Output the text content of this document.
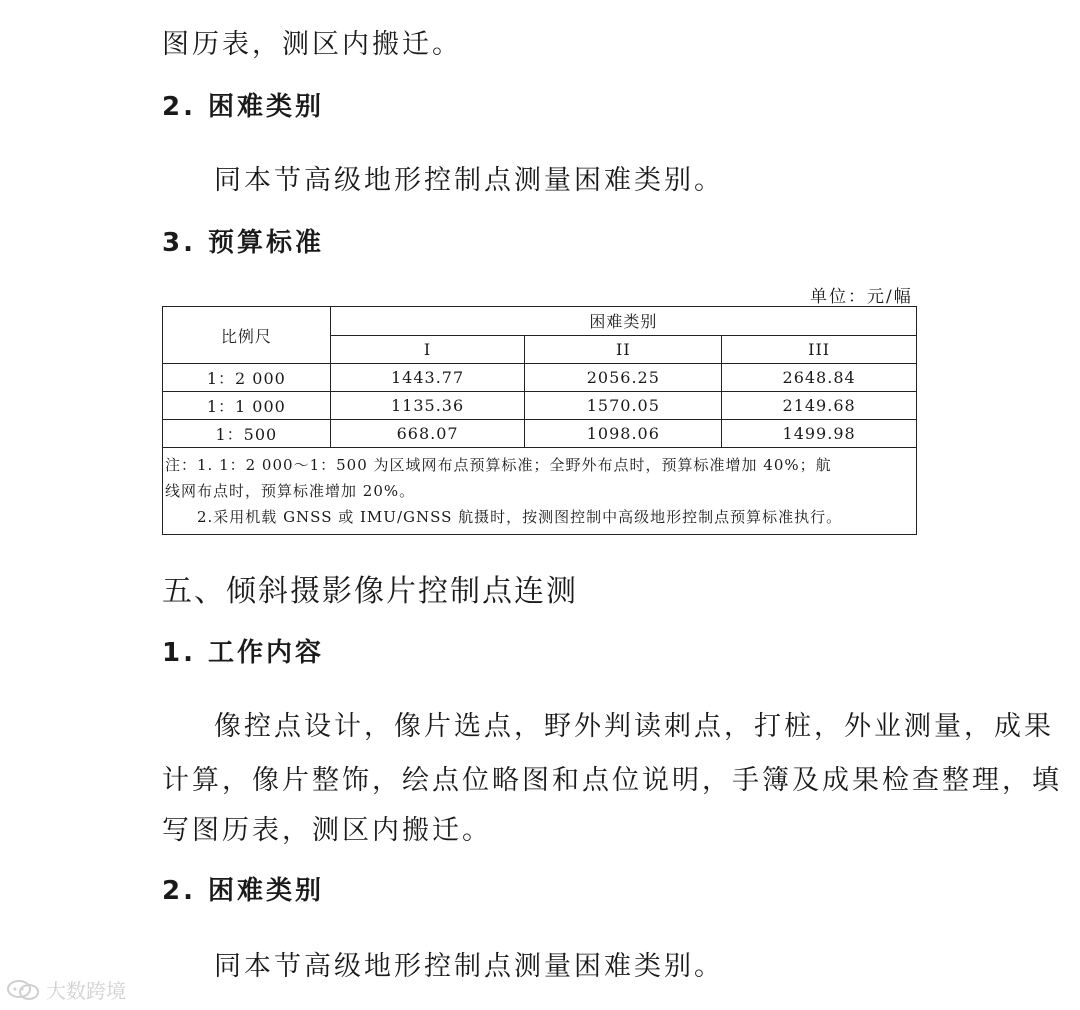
图历表，测区内搬迁。

2. 困难类别

同本节高级地形控制点测量困难类别。

3. 预算标准

单位：元/幅

比例尺	困难类别		
	I	II	III
1：2 000	1443.77	2056.25	2648.84
1：1 000	1135.36	1570.05	2149.68
1：500	668.07	1098.06	1499.98

注：1. 1：2 000～1：500 为区域网布点预算标准；全野外布点时，预算标准增加 40%；航
线网布点时，预算标准增加 20%。
2.采用机载 GNSS 或 IMU/GNSS 航摄时，按测图控制中高级地形控制点预算标准执行。			

五、倾斜摄影像片控制点连测

1. 工作内容

像控点设计，像片选点，野外判读刺点，打桩，外业测量，成果

计算，像片整饰，绘点位略图和点位说明，手簿及成果检查整理，填

写图历表，测区内搬迁。

2. 困难类别

同本节高级地形控制点测量困难类别。

大数跨境
